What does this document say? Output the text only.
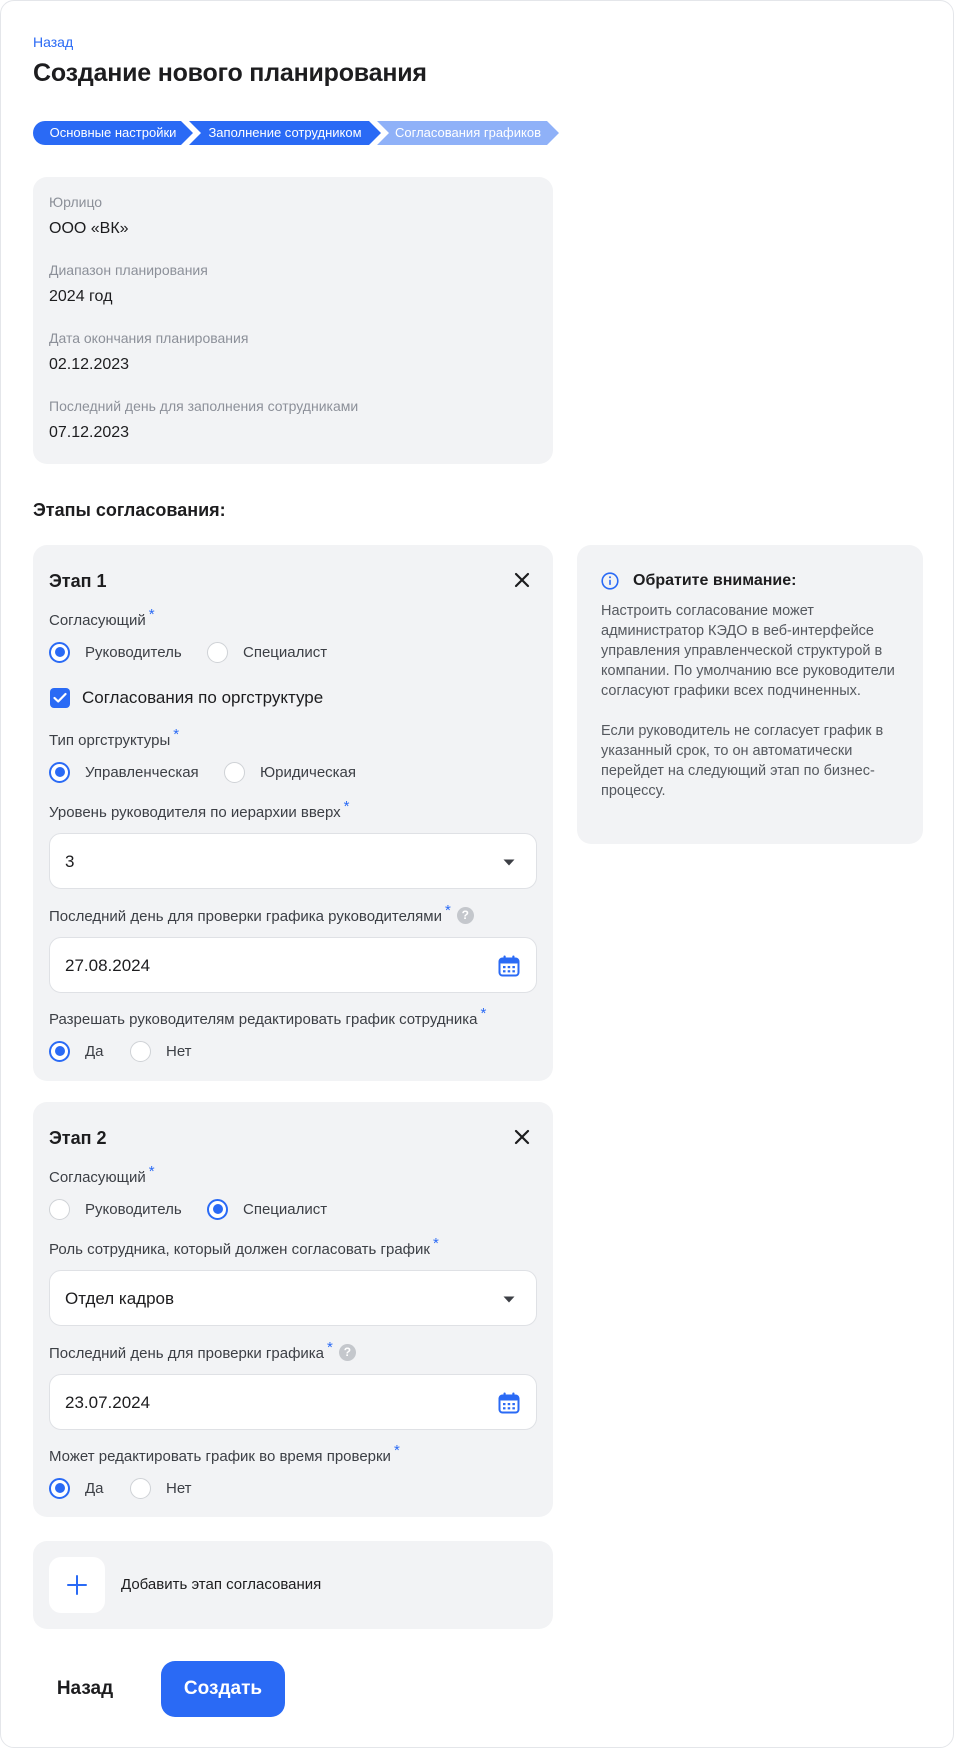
Назад
Создание нового планирования
Основные настройки	Заполнение сотрудником	Согласования графиков
Юрлицо
ООО «ВК»
Диапазон планирования
2024 год
Дата окончания планирования
02.12.2023
Последний день для заполнения сотрудниками
07.12.2023
Этапы согласования:
Этап 1
Согласующий *
Руководитель	Специалист
Согласования по оргструктуре
Тип оргструктуры *
Управленческая	Юридическая
Уровень руководителя по иерархии вверх *
3
Последний день для проверки графика руководителями * ?
27.08.2024
Разрешать руководителям редактировать график сотрудника *
Да	Нет
Этап 2
Согласующий *
Руководитель	Специалист
Роль сотрудника, который должен согласовать график *
Отдел кадров
Последний день для проверки графика * ?
23.07.2024
Может редактировать график во время проверки *
Да	Нет
Добавить этап согласования
Обратите внимание:

Настроить согласование может администратор КЭДО в веб-интерфейсе управления управленческой структурой в компании. По умолчанию все руководители согласуют графики всех подчиненных.

Если руководитель не согласует график в указанный срок, то он автоматически перейдет на следующий этап по бизнес-процессу.

Назад	Создать
